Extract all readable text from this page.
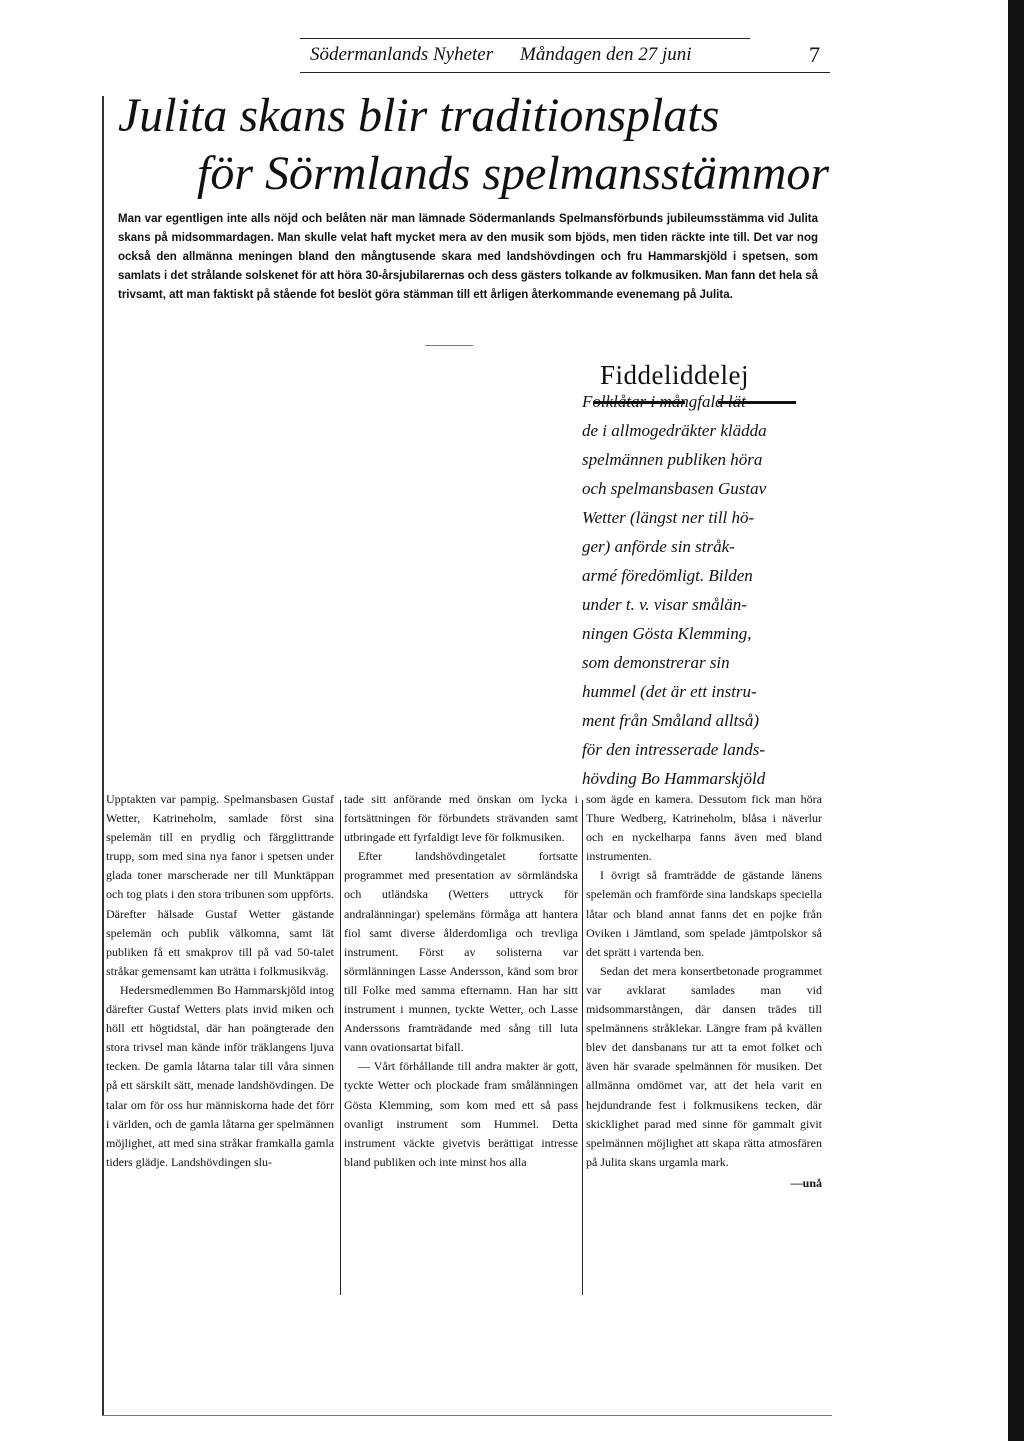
Södermanlands Nyheter Måndagen den 27 juni	7
Julita skans blir traditionsplats
för Sörmlands spelmansstämmor
Man var egentligen inte alls nöjd och belåten när man lämnade Södermanlands Spelmansförbunds jubileumsstämma vid Julita skans på midsommardagen. Man skulle velat haft mycket mera av den musik som bjöds, men tiden räckte inte till. Det var nog också den allmänna meningen bland den mångtusende skara med landshövdingen och fru Hammarskjöld i spetsen, som samlats i det strålande solskenet för att höra 30-årsjubilarernas och dess gästers tolkande av folkmusiken. Man fann det hela så trivsamt, att man faktiskt på stående fot beslöt göra stämman till ett årligen återkommande evenemang på Julita.
Fiddeliddelej
Folklåtar i mångfald lät
de i allmogedräkter klädda
spelmännen publiken höra
och spelmansbasen Gustav
Wetter (längst ner till hö-
ger) anförde sin stråk-
armé föredömligt. Bilden
under t. v. visar smålän-
ningen Gösta Klemming,
som demonstrerar sin
hummel (det är ett instru-
ment från Småland alltså)
för den intresserade lands-
hövding Bo Hammarskjöld

Upptakten var pampig. Spelmansbasen Gustaf Wetter, Katrineholm, samlade först sina spelemän till en prydlig och färgglittrande trupp, som med sina nya fanor i spetsen under glada toner marscherade ner till Munktäppan och tog plats i den stora tribunen som uppförts. Därefter hälsade Gustaf Wetter gästande spelemän och publik välkomna, samt lät publiken få ett smakprov till på vad 50-talet stråkar gemensamt kan uträtta i folkmusikväg.

Hedersmedlemmen Bo Hammarskjöld intog därefter Gustaf Wetters plats invid miken och höll ett högtidstal, där han poängterade den stora trivsel man kände inför träklangens ljuva tecken. De gamla låtarna talar till våra sinnen på ett särskilt sätt, menade landshövdingen. De talar om för oss hur människorna hade det förr i världen, och de gamla låtarna ger spelmännen möjlighet, att med sina stråkar framkalla gamla tiders glädje. Landshövdingen slu-

tade sitt anförande med önskan om lycka i fortsättningen för förbundets strävanden samt utbringade ett fyrfaldigt leve för folkmusiken.

Efter landshövdingetalet fortsatte programmet med presentation av sörmländska och utländska (Wetters uttryck för andralänningar) spelemäns förmåga att hantera fiol samt diverse ålderdomliga och trevliga instrument. Först av solisterna var sörmlänningen Lasse Andersson, känd som bror till Folke med samma efternamn. Han har sitt instrument i munnen, tyckte Wetter, och Lasse Anderssons framträdande med sång till luta vann ovationsartat bifall.

— Vårt förhållande till andra makter är gott, tyckte Wetter och plockade fram smålänningen Gösta Klemming, som kom med ett så pass ovanligt instrument som Hummel. Detta instrument väckte givetvis berättigat intresse bland publiken och inte minst hos alla

som ägde en kamera. Dessutom fick man höra Thure Wedberg, Katrineholm, blåsa i näverlur och en nyckelharpa fanns även med bland instrumenten.

I övrigt så framträdde de gästande länens spelemän och framförde sina landskaps speciella låtar och bland annat fanns det en pojke från Oviken i Jämtland, som spelade jämtpolskor så det sprätt i vartenda ben.

Sedan det mera konsertbetonade programmet var avklarat samlades man vid midsommarstången, där dansen trädes till spelmännens stråklekar. Längre fram på kvällen blev det dansbanans tur att ta emot folket och även här svarade spelmännen för musiken. Det allmänna omdömet var, att det hela varit en hejdundrande fest i folkmusikens tecken, där skicklighet parad med sinne för gammalt givit spelmännen möjlighet att skapa rätta atmosfären på Julita skans urgamla mark.

—unå
